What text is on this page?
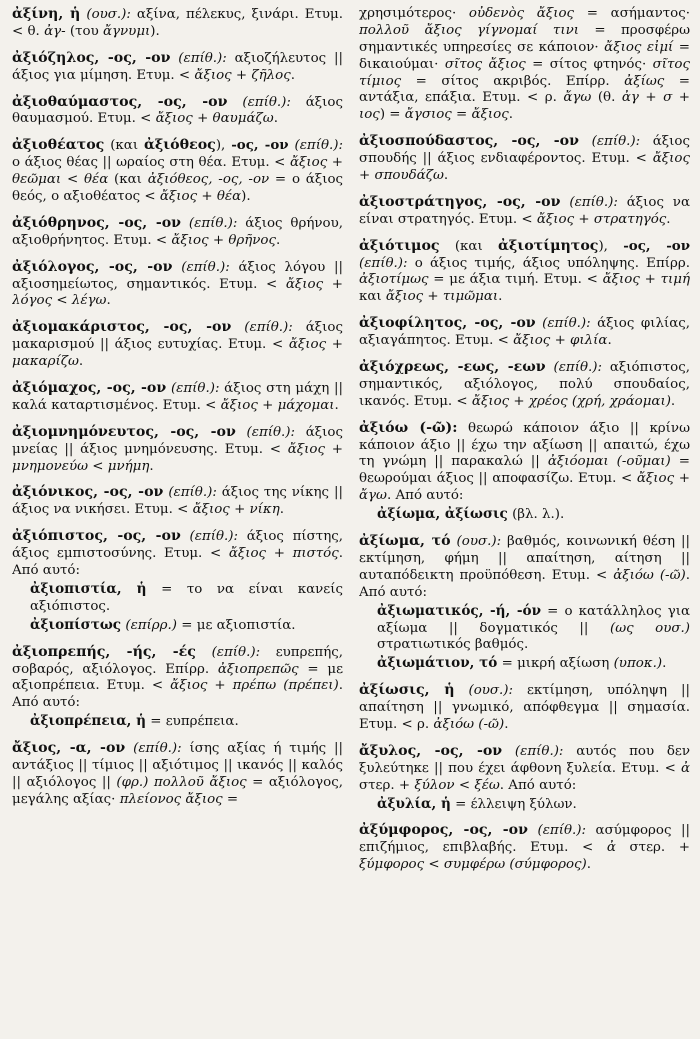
ἀξίνη, ἡ (ουσ.): αξίνα, πέλεκυς, ξινάρι. Ετυμ. < θ. ἀγ- (του ἄγνυμι).
ἀξιόζηλος, -ος, -ον (επίθ.): αξιοζήλευτος || άξιος για μίμηση. Ετυμ. < ἄξιος + ζῆλος.
ἀξιοθαύμαστος, -ος, -ον (επίθ.): άξιος θαυμασμού. Ετυμ. < ἄξιος + θαυμάζω.
ἀξιοθέατος (και ἀξιόθεος), -ος, -ον (επίθ.): ο άξιος θέας || ωραίος στη θέα. Ετυμ. < ἄξιος + θεῶμαι < θέα (και ἀξιόθεος, -ος, -ον = ο άξιος θεός, ο αξιοθέατος < ἄξιος + θέα).
ἀξιόθρηνος, -ος, -ον (επίθ.): άξιος θρήνου, αξιοθρήνητος. Ετυμ. < ἄξιος + θρῆνος.
ἀξιόλογος, -ος, -ον (επίθ.): άξιος λόγου || αξιοσημείωτος, σημαντικός. Ετυμ. < ἄξιος + λόγος < λέγω.
ἀξιομακάριστος, -ος, -ον (επίθ.): άξιος μακαρισμού || άξιος ευτυχίας. Ετυμ. < ἄξιος + μακαρίζω.
ἀξιόμαχος, -ος, -ον (επίθ.): άξιος στη μάχη || καλά καταρτισμένος. Ετυμ. < ἄξιος + μάχομαι.
ἀξιομνημόνευτος, -ος, -ον (επίθ.): άξιος μνείας || άξιος μνημόνευσης. Ετυμ. < ἄξιος + μνημονεύω < μνήμη.
ἀξιόνικος, -ος, -ον (επίθ.): άξιος της νίκης || άξιος να νικήσει. Ετυμ. < ἄξιος + νίκη.
ἀξιόπιστος, -ος, -ον (επίθ.): άξιος πίστης, άξιος εμπιστοσύνης. Ετυμ. < ἄξιος + πιστός. Από αυτό:
ἀξιοπιστία, ἡ = το να είναι κανείς αξιόπιστος.
ἀξιοπίστως (επίρρ.) = με αξιοπιστία.
ἀξιοπρεπής, -ής, -ές (επίθ.): ευπρεπής, σοβαρός, αξιόλογος. Επίρρ. ἀξιοπρεπῶς = με αξιοπρέπεια. Ετυμ. < ἄξιος + πρέπω (πρέπει). Από αυτό:
ἀξιοπρέπεια, ἡ = ευπρέπεια.
ἄξιος, -α, -ον (επίθ.): ίσης αξίας ή τιμής || αντάξιος || τίμιος || αξιότιμος || ικανός || καλός || αξιόλογος || (φρ.) πολλοῦ ἄξιος = αξιόλογος, μεγάλης αξίας· πλείονος ἄξιος =
χρησιμότερος· οὐδενὸς ἄξιος = ασήμαντος· πολλοῦ ἄξιος γίγνομαί τινι = προσφέρω σημαντικές υπηρεσίες σε κάποιον· ἄξιος εἰμί = δικαιούμαι· σῖτος ἄξιος = σίτος φτηνός· σῖτος τίμιος = σίτος ακριβός. Επίρρ. ἀξίως = αντάξια, επάξια. Ετυμ. < ρ. ἄγω (θ. ἀγ + σ + ιος) = ἄγσιος = ἄξιος.
ἀξιοσπούδαστος, -ος, -ον (επίθ.): άξιος σπουδής || άξιος ενδιαφέροντος. Ετυμ. < ἄξιος + σπουδάζω.
ἀξιοστράτηγος, -ος, -ον (επίθ.): άξιος να είναι στρατηγός. Ετυμ. < ἄξιος + στρατηγός.
ἀξιότιμος (και ἀξιοτίμητος), -ος, -ον (επίθ.): ο άξιος τιμής, άξιος υπόληψης. Επίρρ. ἀξιοτίμως = με άξια τιμή. Ετυμ. < ἄξιος + τιμή και ἄξιος + τιμῶμαι.
ἀξιοφίλητος, -ος, -ον (επίθ.): άξιος φιλίας, αξιαγάπητος. Ετυμ. < ἄξιος + φιλία.
ἀξιόχρεως, -εως, -εων (επίθ.): αξιόπιστος, σημαντικός, αξιόλογος, πολύ σπουδαίος, ικανός. Ετυμ. < ἄξιος + χρέος (χρή, χράομαι).
ἀξιόω (-ῶ): θεωρώ κάποιον άξιο || κρίνω κάποιον άξιο || έχω την αξίωση || απαιτώ, έχω τη γνώμη || παρακαλώ || ἀξιόομαι (-οῦμαι) = θεωρούμαι άξιος || αποφασίζω. Ετυμ. < ἄξιος + ἄγω. Από αυτό:
ἀξίωμα, ἀξίωσις (βλ. λ.).
ἀξίωμα, τό (ουσ.): βαθμός, κοινωνική θέση || εκτίμηση, φήμη || απαίτηση, αίτηση || αυταπόδεικτη προϋπόθεση. Ετυμ. < ἀξιόω (-ῶ). Από αυτό:
ἀξιωματικός, -ή, -όν = ο κατάλληλος για αξίωμα || δογματικός || (ως ουσ.) στρατιωτικός βαθμός.
ἀξιωμάτιον, τό = μικρή αξίωση (υποκ.).
ἀξίωσις, ἡ (ουσ.): εκτίμηση, υπόληψη || απαίτηση || γνωμικό, απόφθεγμα || σημασία. Ετυμ. < ρ. ἀξιόω (-ῶ).
ἄξυλος, -ος, -ον (επίθ.): αυτός που δεν ξυλεύτηκε || που έχει άφθονη ξυλεία. Ετυμ. < ἀ στερ. + ξύλον < ξέω. Από αυτό:
ἀξυλία, ἡ = έλλειψη ξύλων.
ἀξύμφορος, -ος, -ον (επίθ.): ασύμφορος || επιζήμιος, επιβλαβής. Ετυμ. < ἀ στερ. + ξύμφορος < συμφέρω (σύμφορος).
